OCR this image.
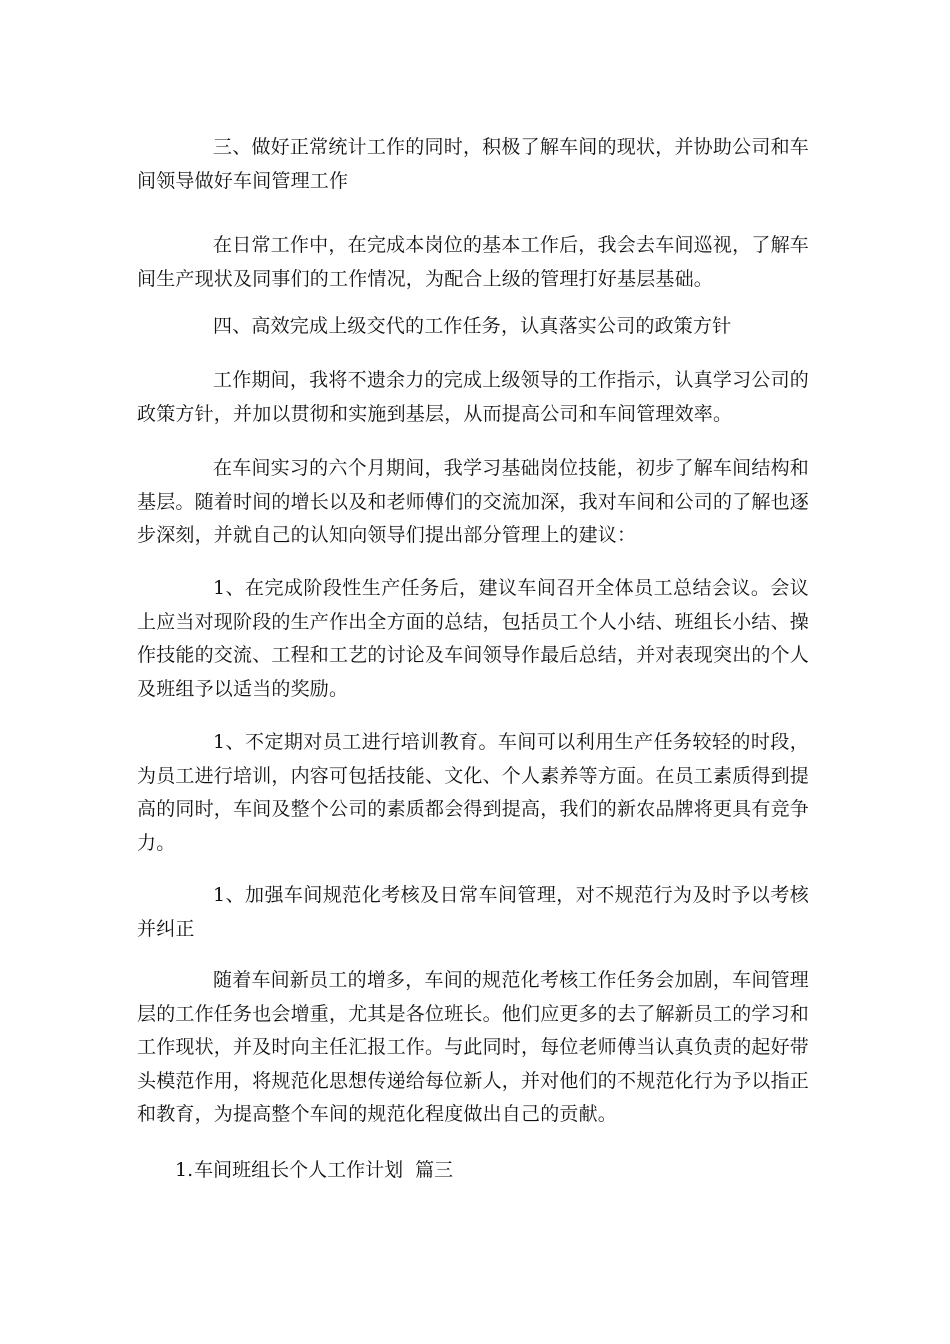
三、做好正常统计工作的同时，积极了解车间的现状，并协助公司和车间领导做好车间管理工作

在日常工作中，在完成本岗位的基本工作后，我会去车间巡视，了解车间生产现状及同事们的工作情况，为配合上级的管理打好基层基础。

四、高效完成上级交代的工作任务，认真落实公司的政策方针

工作期间，我将不遗余力的完成上级领导的工作指示，认真学习公司的政策方针，并加以贯彻和实施到基层，从而提高公司和车间管理效率。

在车间实习的六个月期间，我学习基础岗位技能，初步了解车间结构和基层。随着时间的增长以及和老师傅们的交流加深，我对车间和公司的了解也逐步深刻，并就自己的认知向领导们提出部分管理上的建议：

1、在完成阶段性生产任务后，建议车间召开全体员工总结会议。会议上应当对现阶段的生产作出全方面的总结，包括员工个人小结、班组长小结、操作技能的交流、工程和工艺的讨论及车间领导作最后总结，并对表现突出的个人及班组予以适当的奖励。

1、不定期对员工进行培训教育。车间可以利用生产任务较轻的时段，为员工进行培训，内容可包括技能、文化、个人素养等方面。在员工素质得到提高的同时，车间及整个公司的素质都会得到提高，我们的新农品牌将更具有竞争力。

1、加强车间规范化考核及日常车间管理，对不规范行为及时予以考核并纠正

随着车间新员工的增多，车间的规范化考核工作任务会加剧，车间管理层的工作任务也会增重，尤其是各位班长。他们应更多的去了解新员工的学习和工作现状，并及时向主任汇报工作。与此同时，每位老师傅当认真负责的起好带头模范作用，将规范化思想传递给每位新人，并对他们的不规范化行为予以指正和教育，为提高整个车间的规范化程度做出自己的贡献。

1.车间班组长个人工作计划 篇三
